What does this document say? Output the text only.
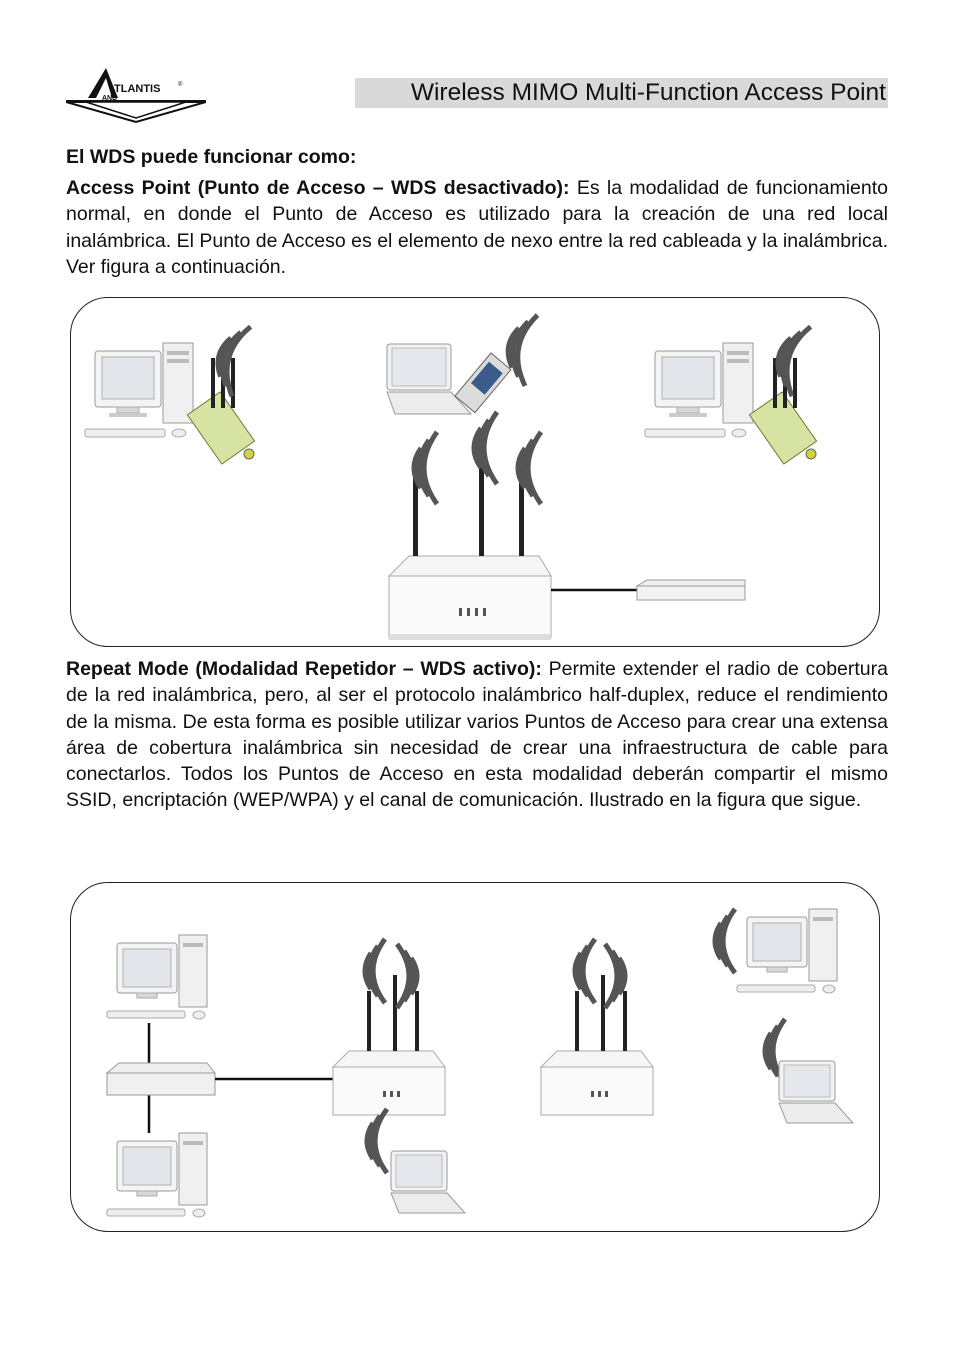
TLANTIS
AND
®	Wireless MIMO Multi-Function Access Point
El WDS puede funcionar como:
Access Point (Punto de Acceso – WDS desactivado): Es la modalidad de funcionamiento normal, en donde el Punto de Acceso es utilizado para la creación de una red local inalámbrica. El Punto de Acceso es el elemento de nexo entre la red cableada y la inalámbrica. Ver figura a continuación.
Repeat Mode (Modalidad Repetidor – WDS activo): Permite extender el radio de cobertura de la red inalámbrica, pero, al ser el protocolo inalámbrico half-duplex, reduce el rendimiento de la misma. De esta forma es posible utilizar varios Puntos de Acceso para crear una extensa área de cobertura inalámbrica sin necesidad de crear una infraestructura de cable para conectarlos. Todos los Puntos de Acceso en esta modalidad deberán compartir el mismo SSID, encriptación (WEP/WPA) y el canal de comunicación. Ilustrado en la figura que sigue.
